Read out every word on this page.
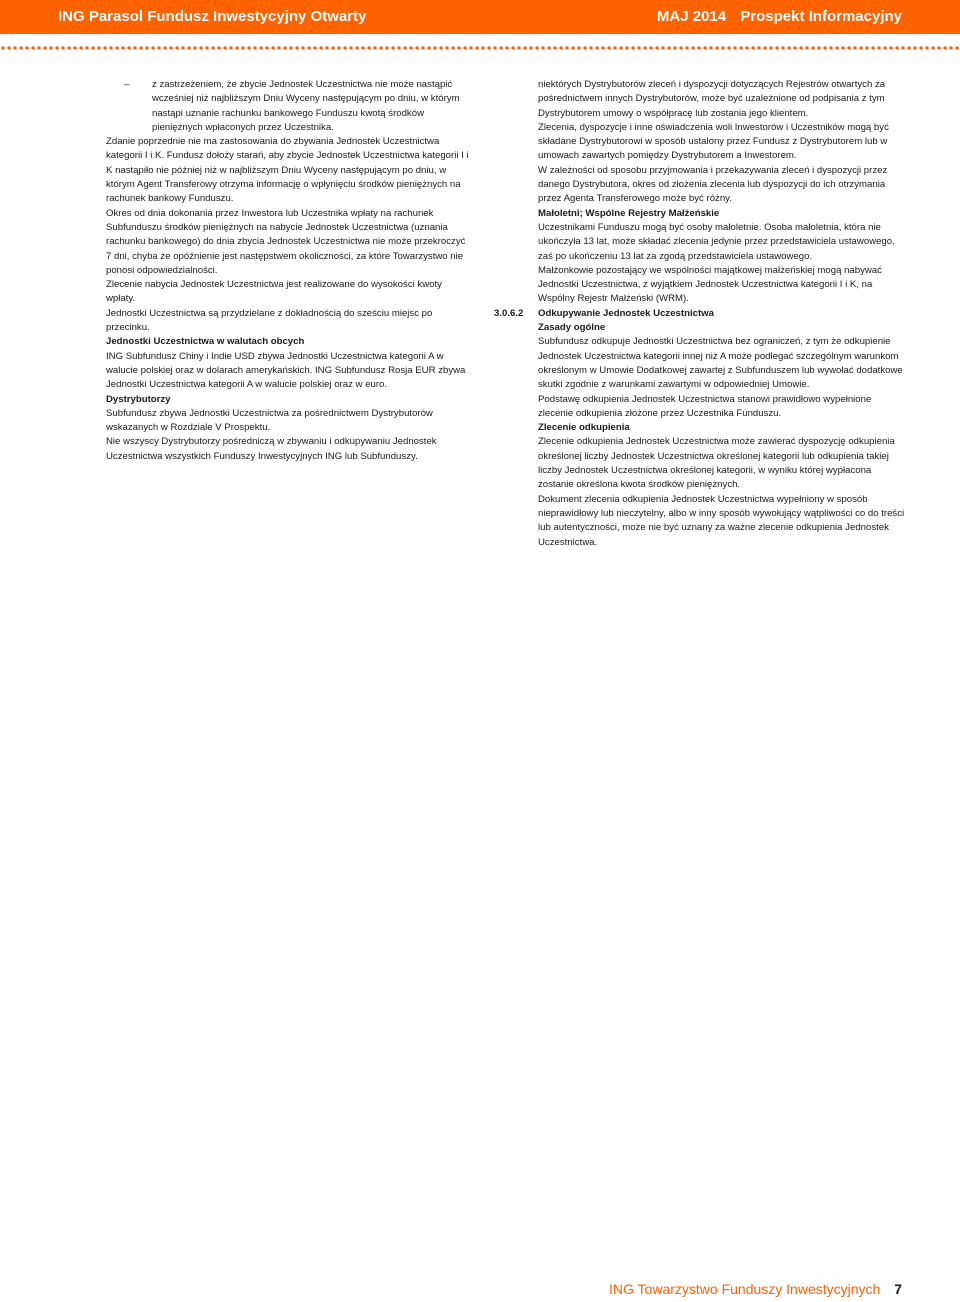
ING Parasol Fundusz Inwestycyjny Otwarty	MAJ 2014 Prospekt Informacyjny
–	z zastrzeżeniem, że zbycie Jednostek Uczestnictwa nie może nastąpić wcześniej niż najbliższym Dniu Wyceny następującym po dniu, w którym nastąpi uznanie rachunku bankowego Funduszu kwotą środków pieniężnych wpłaconych przez Uczestnika.

Zdanie poprzednie nie ma zastosowania do zbywania Jednostek Uczestnictwa kategorii I i K. Fundusz dołoży starań, aby zbycie Jednostek Uczestnictwa kategorii I i K nastąpiło nie później niż w najbliższym Dniu Wyceny następującym po dniu, w którym Agent Transferowy otrzyma informację o wpłynięciu środków pieniężnych na rachunek bankowy Funduszu.

Okres od dnia dokonania przez Inwestora lub Uczestnika wpłaty na rachunek Subfunduszu środków pieniężnych na nabycie Jednostek Uczestnictwa (uznania rachunku bankowego) do dnia zbycia Jednostek Uczestnictwa nie może przekroczyć 7 dni, chyba że opóźnienie jest następstwem okoliczności, za które Towarzystwo nie ponosi odpowiedzialności.

Zlecenie nabycia Jednostek Uczestnictwa jest realizowane do wysokości kwoty wpłaty.

Jednostki Uczestnictwa są przydzielane z dokładnością do sześciu miejsc po przecinku.

Jednostki Uczestnictwa w walutach obcych

ING Subfundusz Chiny i Indie USD zbywa Jednostki Uczestnictwa kategorii A w walucie polskiej oraz w dolarach amerykańskich. ING Subfundusz Rosja EUR zbywa Jednostki Uczestnictwa kategorii A w walucie polskiej oraz w euro.

Dystrybutorzy

Subfundusz zbywa Jednostki Uczestnictwa za pośrednictwem Dystrybutorów wskazanych w Rozdziale V Prospektu.

Nie wszyscy Dystrybutorzy pośredniczą w zbywaniu i odkupywaniu Jednostek Uczestnictwa wszystkich Funduszy Inwestycyjnych ING lub Subfunduszy.

niektórych Dystrybutorów zleceń i dyspozycji dotyczących Rejestrów otwartych za pośrednictwem innych Dystrybutorów, może być uzależnione od podpisania z tym Dystrybutorem umowy o współpracę lub zostania jego klientem.

Zlecenia, dyspozycje i inne oświadczenia woli Inwestorów i Uczestników mogą być składane Dystrybutorowi w sposób ustalony przez Fundusz z Dystrybutorem lub w umowach zawartych pomiędzy Dystrybutorem a Inwestorem.

W zależności od sposobu przyjmowania i przekazywania zleceń i dyspozycji przez danego Dystrybutora, okres od złożenia zlecenia lub dyspozycji do ich otrzymania przez Agenta Transferowego może być różny.

Małoletni; Wspólne Rejestry Małżeńskie

Uczestnikami Funduszu mogą być osoby małoletnie. Osoba małoletnia, która nie ukończyła 13 lat, może składać zlecenia jedynie przez przedstawiciela ustawowego, zaś po ukończeniu 13 lat za zgodą przedstawiciela ustawowego.

Małżonkowie pozostający we wspólności majątkowej małżeńskiej mogą nabywać Jednostki Uczestnictwa, z wyjątkiem Jednostek Uczestnictwa kategorii I i K, na Wspólny Rejestr Małżeński (WRM).

3.0.6.2 Odkupywanie Jednostek Uczestnictwa

Zasady ogólne

Subfundusz odkupuje Jednostki Uczestnictwa bez ograniczeń, z tym że odkupienie Jednostek Uczestnictwa kategorii innej niż A może podlegać szczególnym warunkom określonym w Umowie Dodatkowej zawartej z Subfunduszem lub wywołać dodatkowe skutki zgodnie z warunkami zawartymi w odpowiedniej Umowie.

Podstawę odkupienia Jednostek Uczestnictwa stanowi prawidłowo wypełnione zlecenie odkupienia złożone przez Uczestnika Funduszu.

Zlecenie odkupienia

Zlecenie odkupienia Jednostek Uczestnictwa może zawierać dyspozycję odkupienia określonej liczby Jednostek Uczestnictwa określonej kategorii lub odkupienia takiej liczby Jednostek Uczestnictwa określonej kategorii, w wyniku której wypłacona zostanie określona kwota środków pieniężnych.

Dokument zlecenia odkupienia Jednostek Uczestnictwa wypełniony w sposób nieprawidłowy lub nieczytelny, albo w inny sposób wywołujący wątpliwości co do treści lub autentyczności, może nie być uznany za ważne zlecenie odkupienia Jednostek Uczestnictwa.

ING Towarzystwo Funduszy Inwestycyjnych 7
